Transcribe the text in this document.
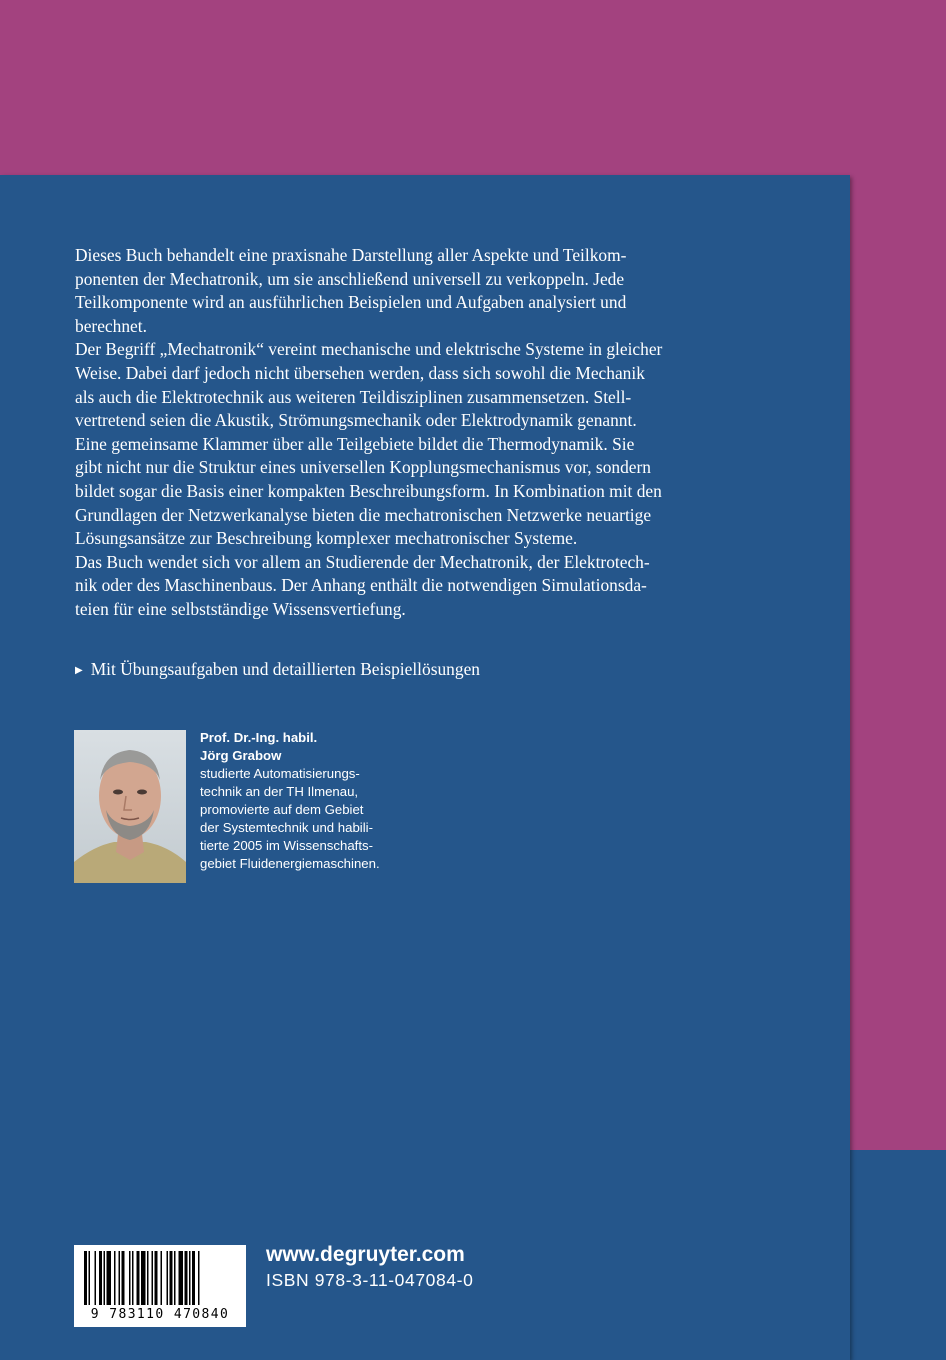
Dieses Buch behandelt eine praxisnahe Darstellung aller Aspekte und Teilkom-

ponenten der Mechatronik, um sie anschließend universell zu verkoppeln. Jede

Teilkomponente wird an ausführlichen Beispielen und Aufgaben analysiert und

berechnet.

Der Begriff „Mechatronik“ vereint mechanische und elektrische Systeme in gleicher

Weise. Dabei darf jedoch nicht übersehen werden, dass sich sowohl die Mechanik

als auch die Elektrotechnik aus weiteren Teildisziplinen zusammensetzen. Stell-

vertretend seien die Akustik, Strömungsmechanik oder Elektrodynamik genannt.

Eine gemeinsame Klammer über alle Teilgebiete bildet die Thermodynamik. Sie

gibt nicht nur die Struktur eines universellen Kopplungsmechanismus vor, sondern

bildet sogar die Basis einer kompakten Beschreibungsform. In Kombination mit den

Grundlagen der Netzwerkanalyse bieten die mechatronischen Netzwerke neuartige

Lösungsansätze zur Beschreibung komplexer mechatronischer Systeme.

Das Buch wendet sich vor allem an Studierende der Mechatronik, der Elektrotech-

nik oder des Maschinenbaus. Der Anhang enthält die notwendigen Simulationsda-

teien für eine selbstständige Wissensvertiefung.

▶ Mit Übungsaufgaben und detaillierten Beispiellösungen
Prof. Dr.-Ing. habil.
Jörg Grabow
studierte Automatisierungs-
technik an der TH Ilmenau,
promovierte auf dem Gebiet
der Systemtechnik und habili-
tierte 2005 im Wissenschafts-
gebiet Fluidenergiemaschinen.
9 783110 470840
www.degruyter.com
ISBN 978-3-11-047084-0
